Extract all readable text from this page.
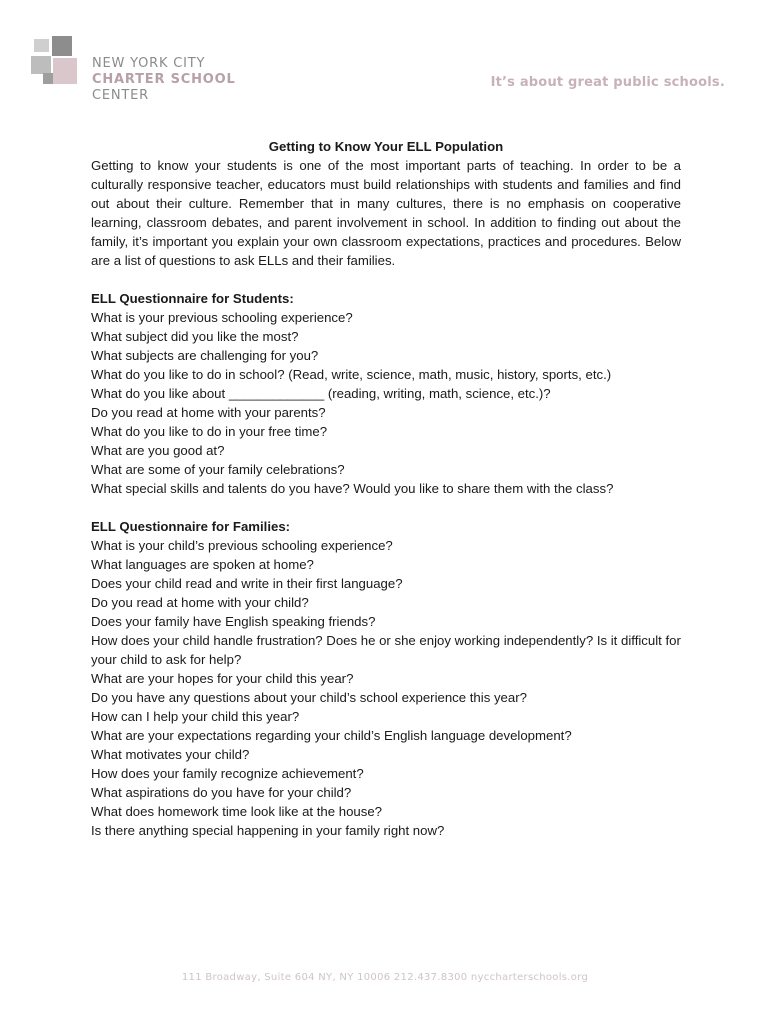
NEW YORK CITY
CHARTER SCHOOL
CENTER
It’s about great public schools.

Getting to Know Your ELL Population

Getting to know your students is one of the most important parts of teaching. In order to be a culturally responsive teacher, educators must build relationships with students and families and find out about their culture. Remember that in many cultures, there is no emphasis on cooperative learning, classroom debates, and parent involvement in school. In addition to finding out about the family, it’s important you explain your own classroom expectations, practices and procedures. Below are a list of questions to ask ELLs and their families.

ELL Questionnaire for Students:

What is your previous schooling experience?
What subject did you like the most?
What subjects are challenging for you?
What do you like to do in school? (Read, write, science, math, music, history, sports, etc.)
What do you like about _____________ (reading, writing, math, science, etc.)?
Do you read at home with your parents?
What do you like to do in your free time?
What are you good at?
What are some of your family celebrations?
What special skills and talents do you have? Would you like to share them with the class?

ELL Questionnaire for Families:

What is your child’s previous schooling experience?
What languages are spoken at home?
Does your child read and write in their first language?
Do you read at home with your child?
Does your family have English speaking friends?
How does your child handle frustration? Does he or she enjoy working independently? Is it difficult for your child to ask for help?
What are your hopes for your child this year?
Do you have any questions about your child’s school experience this year?
How can I help your child this year?
What are your expectations regarding your child’s English language development?
What motivates your child?
How does your family recognize achievement?
What aspirations do you have for your child?
What does homework time look like at the house?
Is there anything special happening in your family right now?
111 Broadway, Suite 604 NY, NY 10006 212.437.8300 nyccharterschools.org
